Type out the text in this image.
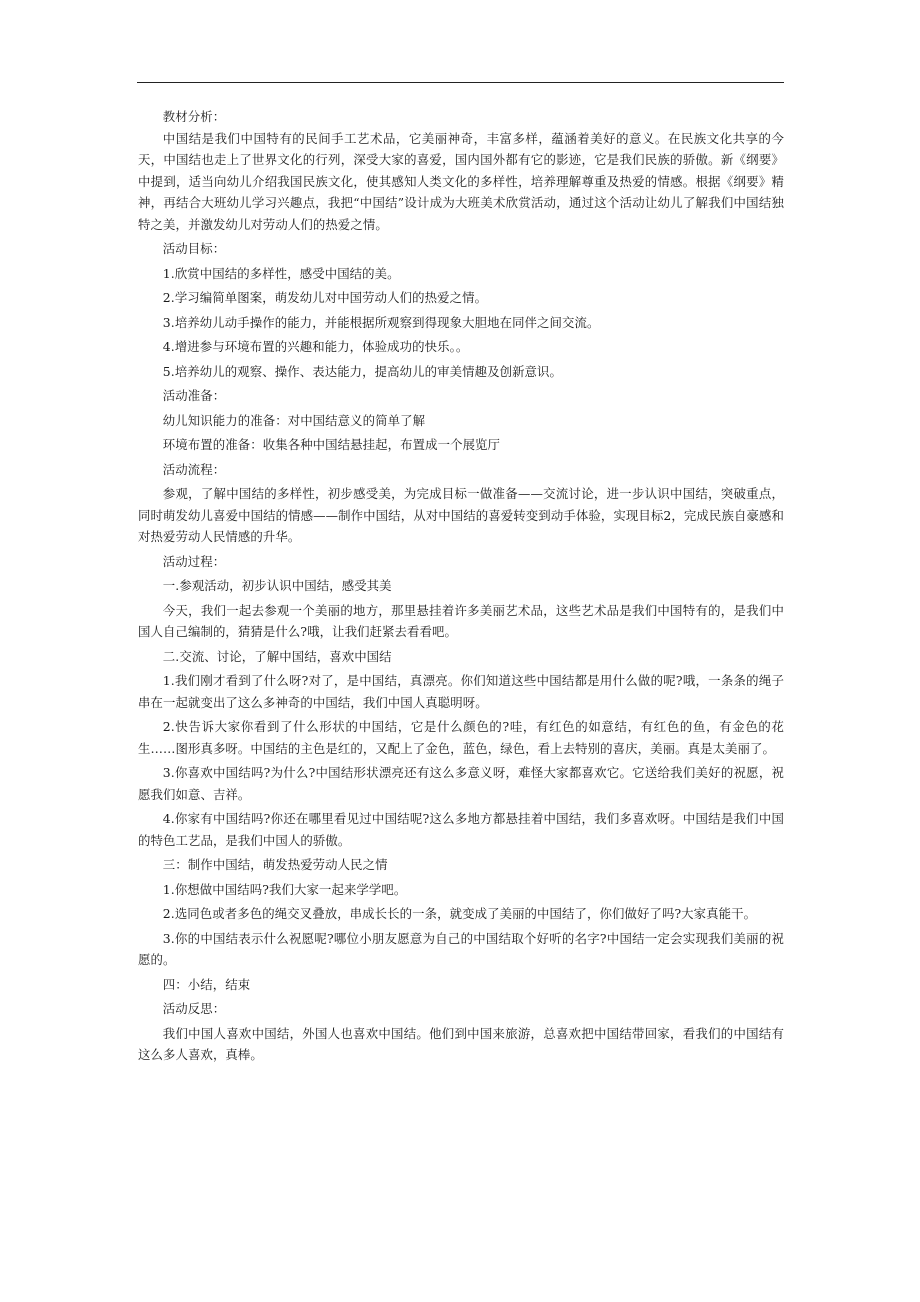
教材分析：

中国结是我们中国特有的民间手工艺术品，它美丽神奇，丰富多样，蕴涵着美好的意义。在民族文化共享的今天，中国结也走上了世界文化的行列，深受大家的喜爱，国内国外都有它的影迹，它是我们民族的骄傲。新《纲要》中提到，适当向幼儿介绍我国民族文化，使其感知人类文化的多样性，培养理解尊重及热爱的情感。根据《纲要》精神，再结合大班幼儿学习兴趣点，我把“中国结”设计成为大班美术欣赏活动，通过这个活动让幼儿了解我们中国结独特之美，并激发幼儿对劳动人们的热爱之情。

活动目标：

1.欣赏中国结的多样性，感受中国结的美。

2.学习编简单图案，萌发幼儿对中国劳动人们的热爱之情。

3.培养幼儿动手操作的能力，并能根据所观察到得现象大胆地在同伴之间交流。

4.增进参与环境布置的兴趣和能力，体验成功的快乐。。

5.培养幼儿的观察、操作、表达能力，提高幼儿的审美情趣及创新意识。

活动准备：

幼儿知识能力的准备：对中国结意义的简单了解

环境布置的准备：收集各种中国结悬挂起，布置成一个展览厅

活动流程：

参观，了解中国结的多样性，初步感受美，为完成目标一做准备——交流讨论，进一步认识中国结，突破重点，同时萌发幼儿喜爱中国结的情感——制作中国结，从对中国结的喜爱转变到动手体验，实现目标2，完成民族自豪感和对热爱劳动人民情感的升华。

活动过程：

一.参观活动，初步认识中国结，感受其美

今天，我们一起去参观一个美丽的地方，那里悬挂着许多美丽艺术品，这些艺术品是我们中国特有的，是我们中国人自己编制的，猜猜是什么?哦，让我们赶紧去看看吧。

二.交流、讨论，了解中国结，喜欢中国结

1.我们刚才看到了什么呀?对了，是中国结，真漂亮。你们知道这些中国结都是用什么做的呢?哦，一条条的绳子串在一起就变出了这么多神奇的中国结，我们中国人真聪明呀。

2.快告诉大家你看到了什么形状的中国结，它是什么颜色的?哇，有红色的如意结，有红色的鱼，有金色的花生……图形真多呀。中国结的主色是红的，又配上了金色，蓝色，绿色，看上去特别的喜庆，美丽。真是太美丽了。

3.你喜欢中国结吗?为什么?中国结形状漂亮还有这么多意义呀，难怪大家都喜欢它。它送给我们美好的祝愿，祝愿我们如意、吉祥。

4.你家有中国结吗?你还在哪里看见过中国结呢?这么多地方都悬挂着中国结，我们多喜欢呀。中国结是我们中国的特色工艺品，是我们中国人的骄傲。

三：制作中国结，萌发热爱劳动人民之情

1.你想做中国结吗?我们大家一起来学学吧。

2.选同色或者多色的绳交叉叠放，串成长长的一条，就变成了美丽的中国结了，你们做好了吗?大家真能干。

3.你的中国结表示什么祝愿呢?哪位小朋友愿意为自己的中国结取个好听的名字?中国结一定会实现我们美丽的祝愿的。

四：小结，结束

活动反思：

我们中国人喜欢中国结，外国人也喜欢中国结。他们到中国来旅游，总喜欢把中国结带回家，看我们的中国结有这么多人喜欢，真棒。
